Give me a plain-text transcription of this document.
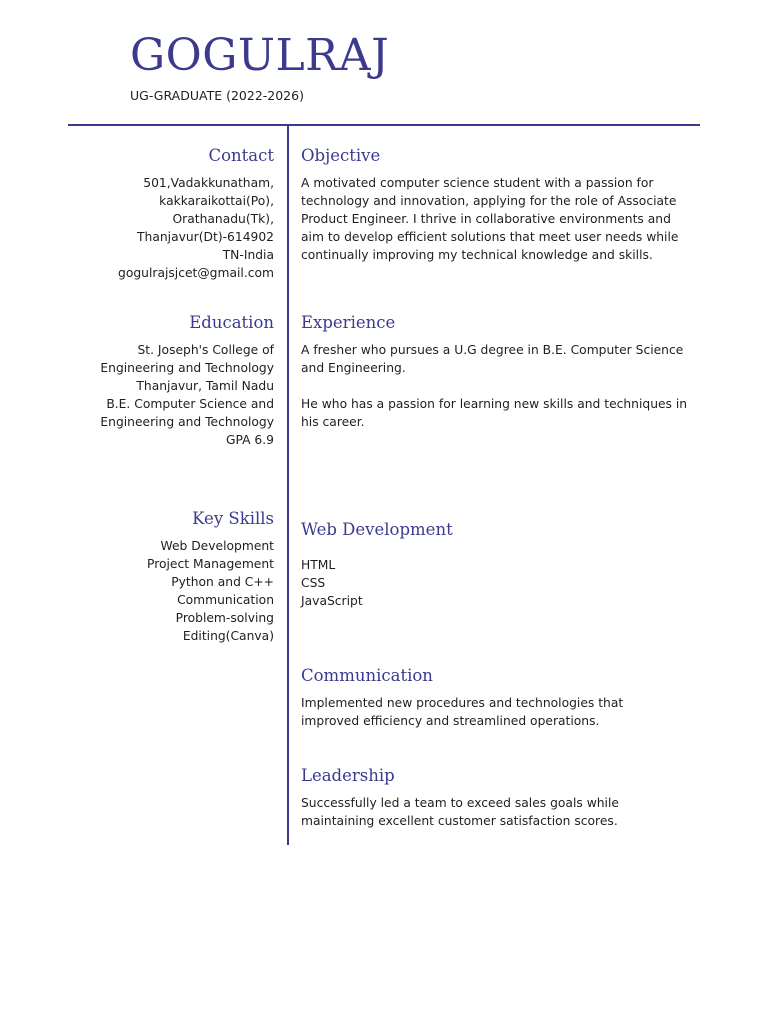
GOGULRAJ
UG-GRADUATE (2022-2026)
Contact

501,Vadakkunatham,
kakkaraikottai(Po),
Orathanadu(Tk),
Thanjavur(Dt)-614902
TN-India
gogulrajsjcet@gmail.com

Education

St. Joseph's College of
Engineering and Technology
Thanjavur, Tamil Nadu
B.E. Computer Science and
Engineering and Technology
GPA 6.9

Key Skills

Web Development
Project Management
Python and C++
Communication
Problem-solving
Editing(Canva)

Objective

A motivated computer science student with a passion for
technology and innovation, applying for the role of Associate
Product Engineer. I thrive in collaborative environments and
aim to develop efficient solutions that meet user needs while
continually improving my technical knowledge and skills.

Experience

A fresher who pursues a U.G degree in B.E. Computer Science
and Engineering.

He who has a passion for learning new skills and techniques in
his career.

Web Development

HTML
CSS
JavaScript

Communication

Implemented new procedures and technologies that
improved efficiency and streamlined operations.

Leadership

Successfully led a team to exceed sales goals while
maintaining excellent customer satisfaction scores.
